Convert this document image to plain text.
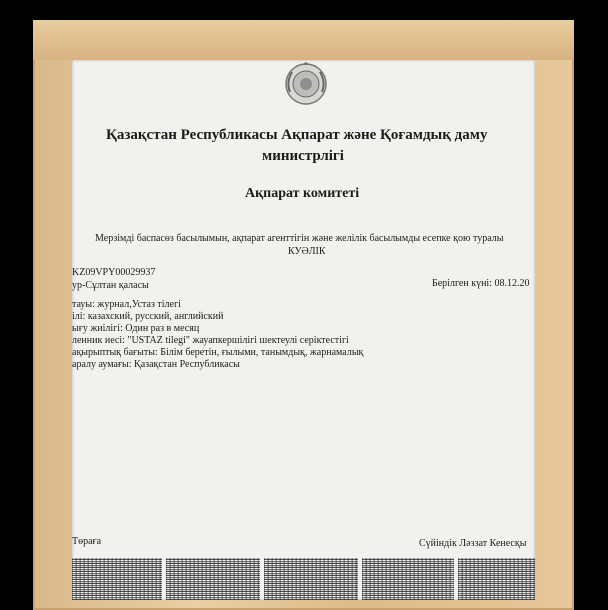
Қазақстан Республикасы Ақпарат және Қоғамдық даму
министрлігі
Ақпарат комитеті
Мерзімді баспасөз басылымын, ақпарат агенттігін және желілік басылымды есепке қою туралы
КУӘЛІК
KZ09VPY00029937
ур-Сұлтан қаласы	Берілген күні: 08.12.20
тауы: журнал,Устаз тілегі
ілі: казахский, русский, английский
ығу жиілігі: Один раз в месяц
ленник иесі: "USTAZ tilegi" жауапкершілігі шектеулі серіктестігі
ақырыптық бағыты: Білім беретін, ғылыми, танымдық, жарнамалық
аралу аумағы: Қазақстан Республикасы
Төраға	Сүйіндік Ләззат Кенесқы
